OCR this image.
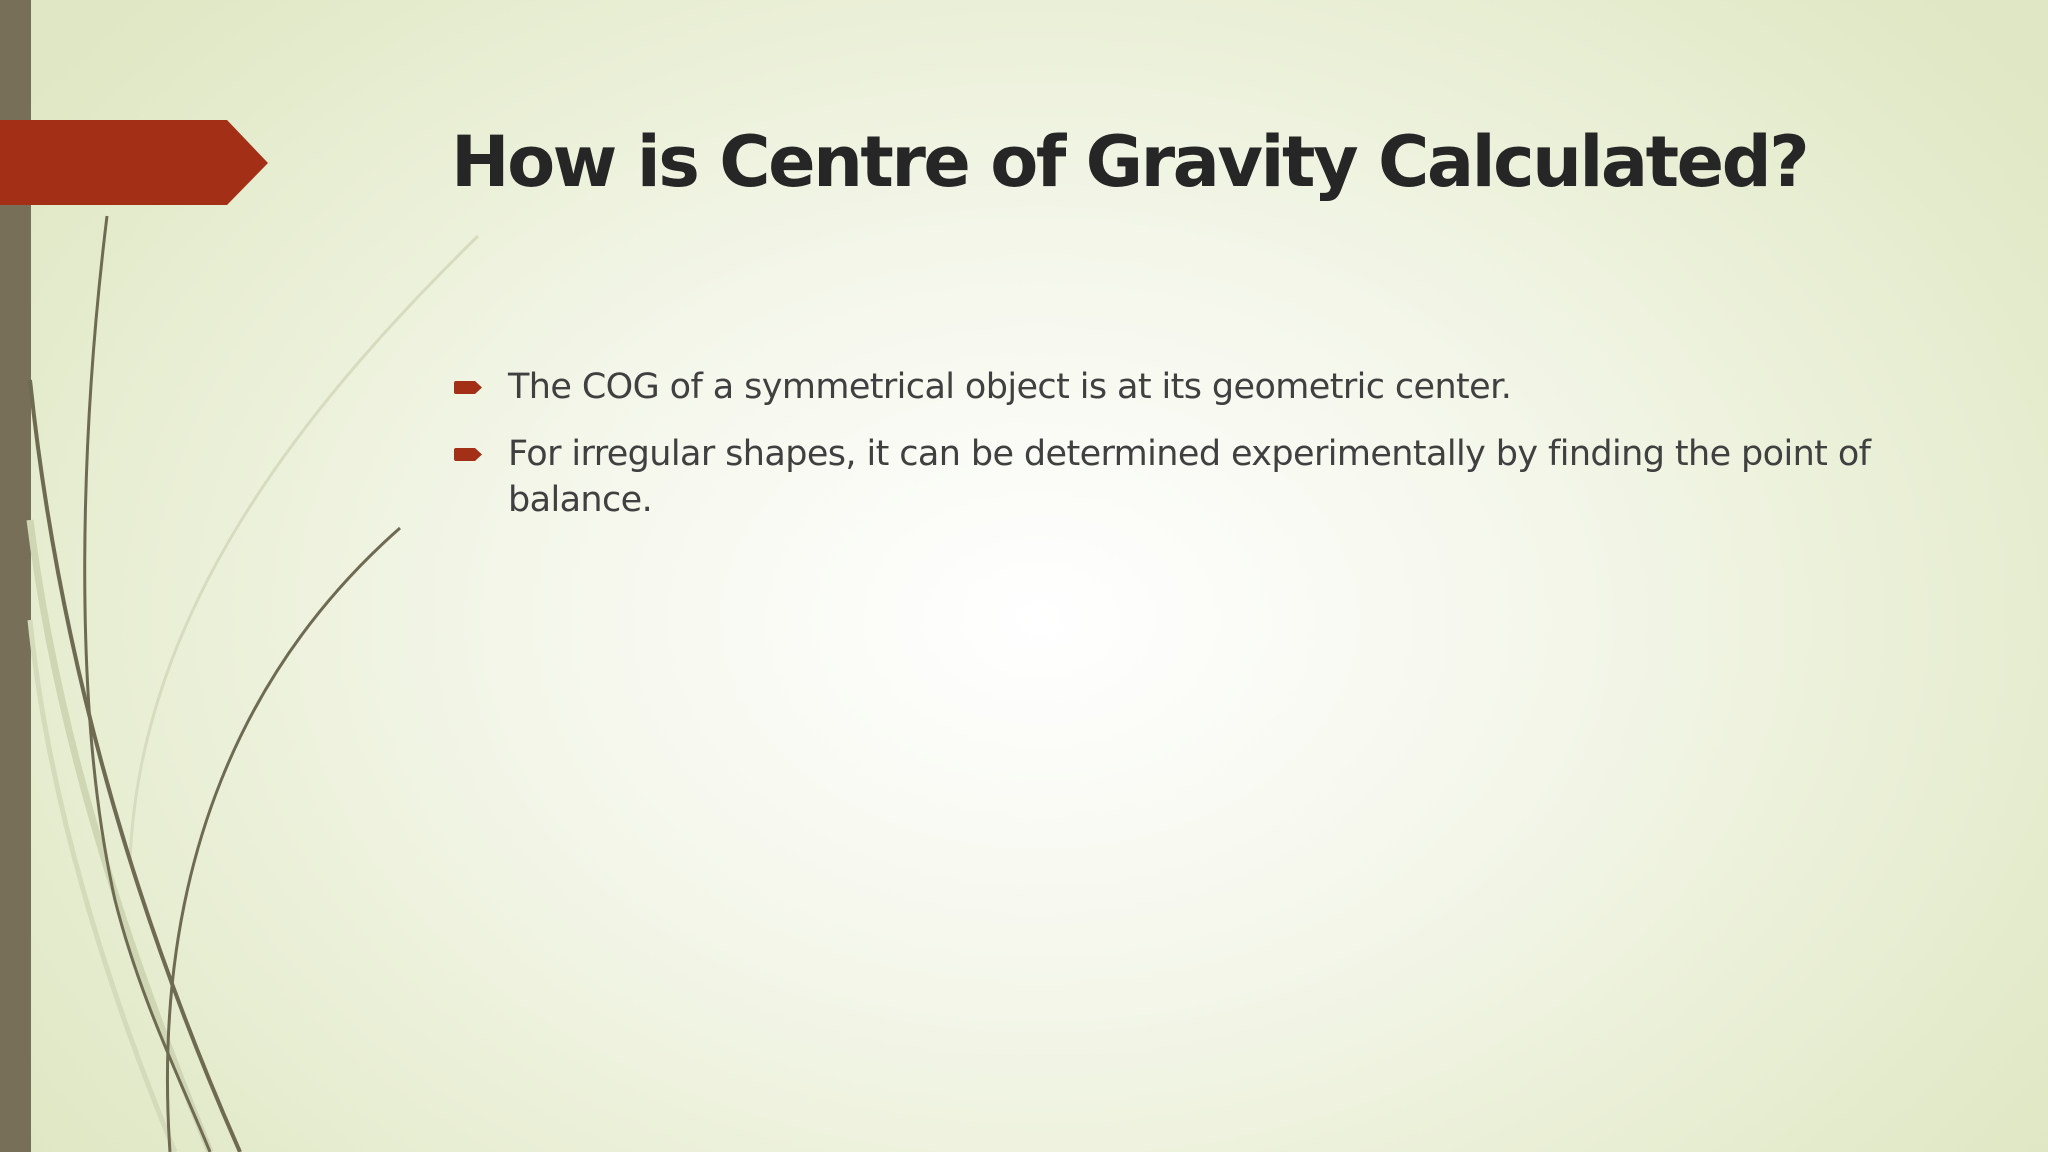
How is Centre of Gravity Calculated?
The COG of a symmetrical object is at its geometric center.
For irregular shapes, it can be determined experimentally by finding the point of balance.
